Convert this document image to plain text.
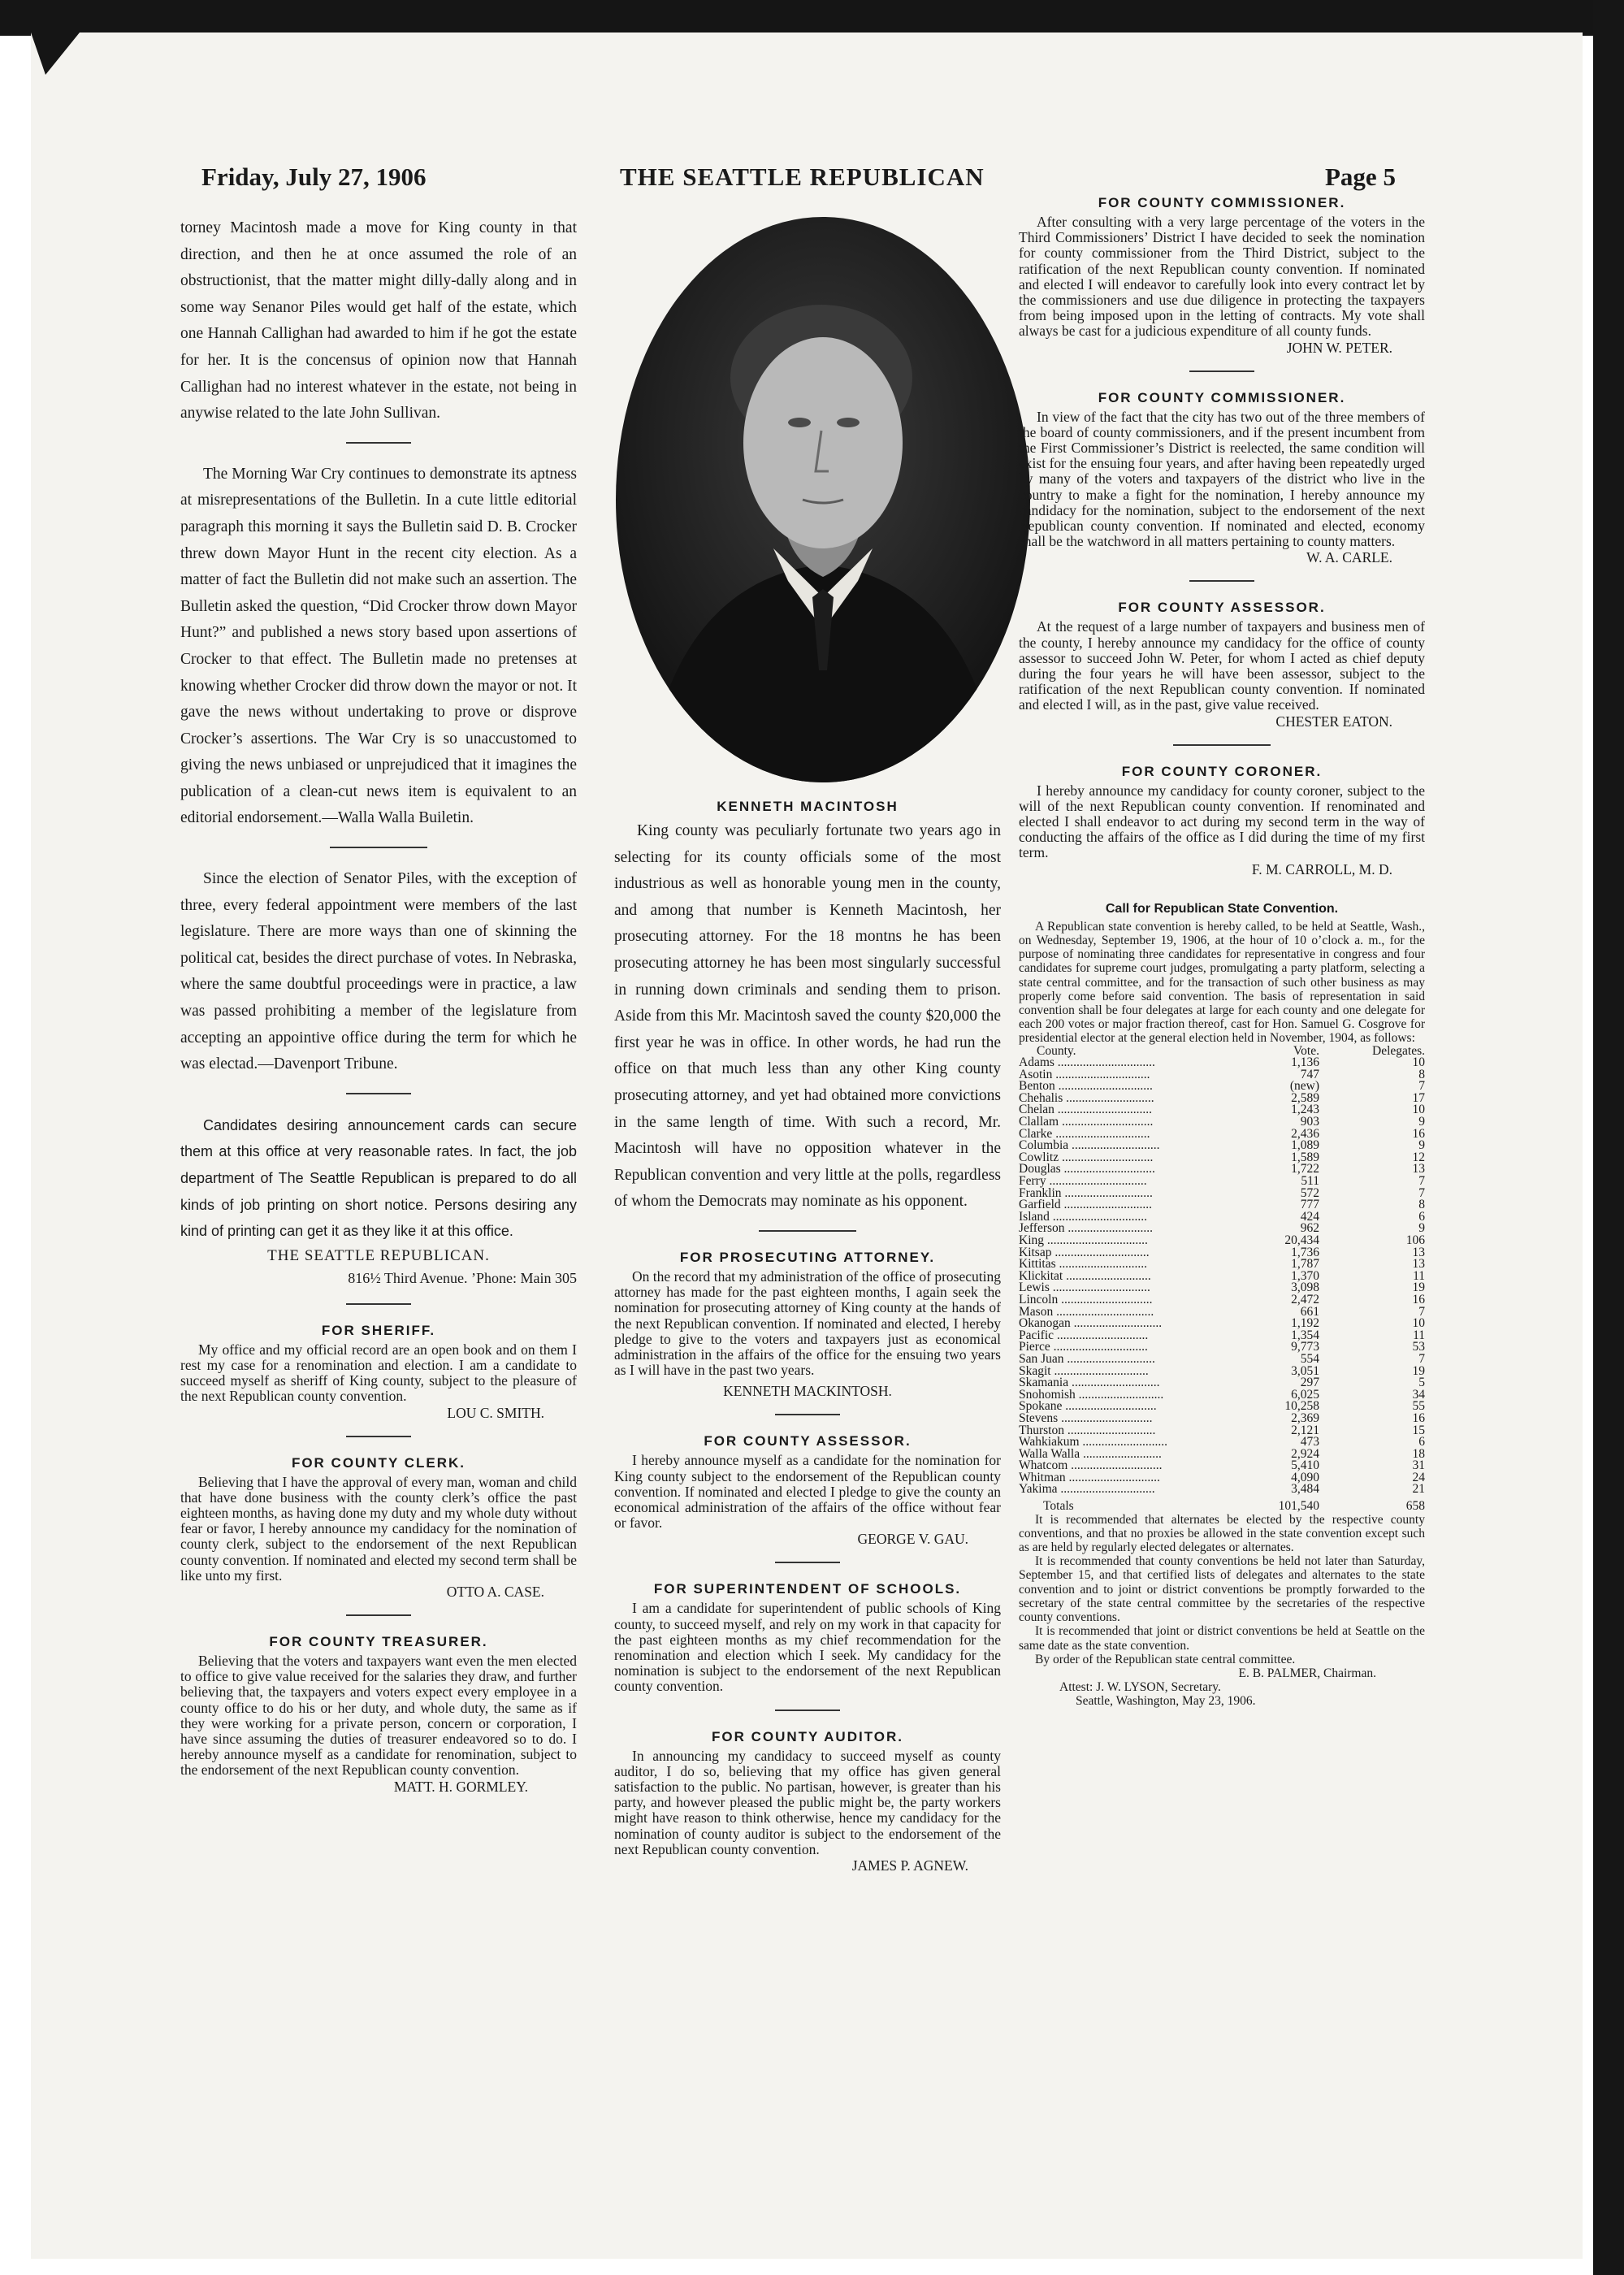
Friday, July 27, 1906	THE SEATTLE REPUBLICAN	Page 5

torney Macintosh made a move for King county in that direction, and then he at once assumed the role of an obstructionist, that the matter might dilly-dally along and in some way Senanor Piles would get half of the estate, which one Hannah Callighan had awarded to him if he got the estate for her. It is the concensus of opinion now that Hannah Callighan had no interest whatever in the estate, not being in anywise related to the late John Sullivan.

The Morning War Cry continues to demonstrate its aptness at misrepresentations of the Bulletin. In a cute little editorial paragraph this morning it says the Bulletin said D. B. Crocker threw down Mayor Hunt in the recent city election. As a matter of fact the Bulletin did not make such an assertion. The Bulletin asked the question, “Did Crocker throw down Mayor Hunt?” and published a news story based upon assertions of Crocker to that effect. The Bulletin made no pretenses at knowing whether Crocker did throw down the mayor or not. It gave the news without undertaking to prove or disprove Crocker’s assertions. The War Cry is so unaccustomed to giving the news unbiased or unprejudiced that it imagines the publication of a clean-cut news item is equivalent to an editorial endorsement.—Walla Walla Builetin.

Since the election of Senator Piles, with the exception of three, every federal appointment were members of the last legislature. There are more ways than one of skinning the political cat, besides the direct purchase of votes. In Nebraska, where the same doubtful proceedings were in practice, a law was passed prohibiting a member of the legislature from accepting an appointive office during the term for which he was electad.—Davenport Tribune.

Candidates desiring announcement cards can secure them at this office at very reasonable rates. In fact, the job department of The Seattle Republican is prepared to do all kinds of job printing on short notice. Persons desiring any kind of printing can get it as they like it at this office.

THE SEATTLE REPUBLICAN.

816½ Third Avenue. ’Phone: Main 305

FOR SHERIFF.

My office and my official record are an open book and on them I rest my case for a renomination and election. I am a candidate to succeed myself as sheriff of King county, subject to the pleasure of the next Republican county convention.

LOU C. SMITH.

FOR COUNTY CLERK.

Believing that I have the approval of every man, woman and child that have done business with the county clerk’s office the past eighteen months, as having done my duty and my whole duty without fear or favor, I hereby announce my candidacy for the nomination of county clerk, subject to the endorsement of the next Republican county convention. If nominated and elected my second term shall be like unto my first.

OTTO A. CASE.

FOR COUNTY TREASURER.

Believing that the voters and taxpayers want even the men elected to office to give value received for the salaries they draw, and further believing that, the taxpayers and voters expect every employee in a county office to do his or her duty, and whole duty, the same as if they were working for a private person, concern or corporation, I have since assuming the duties of treasurer endeavored so to do. I hereby announce myself as a candidate for renomination, subject to the endorsement of the next Republican county convention.

MATT. H. GORMLEY.

KENNETH MACINTOSH

King county was peculiarly fortunate two years ago in selecting for its county officials some of the most industrious as well as honorable young men in the county, and among that number is Kenneth Macintosh, her prosecuting attorney. For the 18 montns he has been prosecuting attorney he has been most singularly successful in running down criminals and sending them to prison. Aside from this Mr. Macintosh saved the county $20,000 the first year he was in office. In other words, he had run the office on that much less than any other King county prosecuting attorney, and yet had obtained more convictions in the same length of time. With such a record, Mr. Macintosh will have no opposition whatever in the Republican convention and very little at the polls, regardless of whom the Democrats may nominate as his opponent.

FOR PROSECUTING ATTORNEY.

On the record that my administration of the office of prosecuting attorney has made for the past eighteen months, I again seek the nomination for prosecuting attorney of King county at the hands of the next Republican convention. If nominated and elected, I hereby pledge to give to the voters and taxpayers just as economical administration in the affairs of the office for the ensuing two years as I will have in the past two years.

KENNETH MACKINTOSH.

FOR COUNTY ASSESSOR.

I hereby announce myself as a candidate for the nomination for King county subject to the endorsement of the Republican county convention. If nominated and elected I pledge to give the county an economical administration of the affairs of the office without fear or favor.

GEORGE V. GAU.

FOR SUPERINTENDENT OF SCHOOLS.

I am a candidate for superintendent of public schools of King county, to succeed myself, and rely on my work in that capacity for the past eighteen months as my chief recommendation for the renomination and election which I seek. My candidacy for the nomination is subject to the endorsement of the next Republican county convention.

FOR COUNTY AUDITOR.

In announcing my candidacy to succeed myself as county auditor, I do so, believing that my office has given general satisfaction to the public. No partisan, however, is greater than his party, and however pleased the public might be, the party workers might have reason to think otherwise, hence my candidacy for the nomination of county auditor is subject to the endorsement of the next Republican county convention.

JAMES P. AGNEW.

FOR COUNTY COMMISSIONER.

After consulting with a very large percentage of the voters in the Third Commissioners’ District I have decided to seek the nomination for county commissioner from the Third District, subject to the ratification of the next Republican county convention. If nominated and elected I will endeavor to carefully look into every contract let by the commissioners and use due diligence in protecting the taxpayers from being imposed upon in the letting of contracts. My vote shall always be cast for a judicious expenditure of all county funds.

JOHN W. PETER.

FOR COUNTY COMMISSIONER.

In view of the fact that the city has two out of the three members of the board of county commissioners, and if the present incumbent from the First Commissioner’s District is reelected, the same condition will exist for the ensuing four years, and after having been repeatedly urged by many of the voters and taxpayers of the district who live in the country to make a fight for the nomination, I hereby announce my candidacy for the nomination, subject to the endorsement of the next Republican county convention. If nominated and elected, economy shall be the watchword in all matters pertaining to county matters.

W. A. CARLE.

FOR COUNTY ASSESSOR.

At the request of a large number of taxpayers and business men of the county, I hereby announce my candidacy for the office of county assessor to succeed John W. Peter, for whom I acted as chief deputy during the four years he will have been assessor, subject to the ratification of the next Republican county convention. If nominated and elected I will, as in the past, give value received.

CHESTER EATON.

FOR COUNTY CORONER.

I hereby announce my candidacy for county coroner, subject to the will of the next Republican county convention. If renominated and elected I shall endeavor to act during my second term in the way of conducting the affairs of the office as I did during the time of my first term.

F. M. CARROLL, M. D.

Call for Republican State Convention.

A Republican state convention is hereby called, to be held at Seattle, Wash., on Wednesday, September 19, 1906, at the hour of 10 o’clock a. m., for the purpose of nominating three candidates for representative in congress and four candidates for supreme court judges, promulgating a party platform, selecting a state central committee, and for the transaction of such other business as may properly come before said convention. The basis of representation in said convention shall be four delegates at large for each county and one delegate for each 200 votes or major fraction thereof, cast for Hon. Samuel G. Cosgrove for presidential elector at the general election held in November, 1904, as follows:

County.	Vote.	Delegates.
Adams ...............................	1,136	10
Asotin ..............................	747	8
Benton ..............................	(new)	7
Chehalis ............................	2,589	17
Chelan ..............................	1,243	10
Clallam .............................	903	9
Clarke ..............................	2,436	16
Columbia ............................	1,089	9
Cowlitz .............................	1,589	12
Douglas .............................	1,722	13
Ferry ...............................	511	7
Franklin ............................	572	7
Garfield ............................	777	8
Island ..............................	424	6
Jefferson ...........................	962	9
King ................................	20,434	106
Kitsap ..............................	1,736	13
Kittitas ............................	1,787	13
Klickitat ...........................	1,370	11
Lewis ...............................	3,098	19
Lincoln .............................	2,472	16
Mason ...............................	661	7
Okanogan ............................	1,192	10
Pacific .............................	1,354	11
Pierce ..............................	9,773	53
San Juan ............................	554	7
Skagit ..............................	3,051	19
Skamania ............................	297	5
Snohomish ...........................	6,025	34
Spokane .............................	10,258	55
Stevens .............................	2,369	16
Thurston ............................	2,121	15
Wahkiakum ...........................	473	6
Walla Walla .........................	2,924	18
Whatcom .............................	5,410	31
Whitman .............................	4,090	24
Yakima ..............................	3,484	21
Totals	101,540	658

It is recommended that alternates be elected by the respective county conventions, and that no proxies be allowed in the state convention except such as are held by regularly elected delegates or alternates.

It is recommended that county conventions be held not later than Saturday, September 15, and that certified lists of delegates and alternates to the state convention and to joint or district conventions be promptly forwarded to the secretary of the state central committee by the secretaries of the respective county conventions.

It is recommended that joint or district conventions be held at Seattle on the same date as the state convention.

By order of the Republican state central committee.

E. B. PALMER, Chairman.

Attest: J. W. LYSON, Secretary.

Seattle, Washington, May 23, 1906.
